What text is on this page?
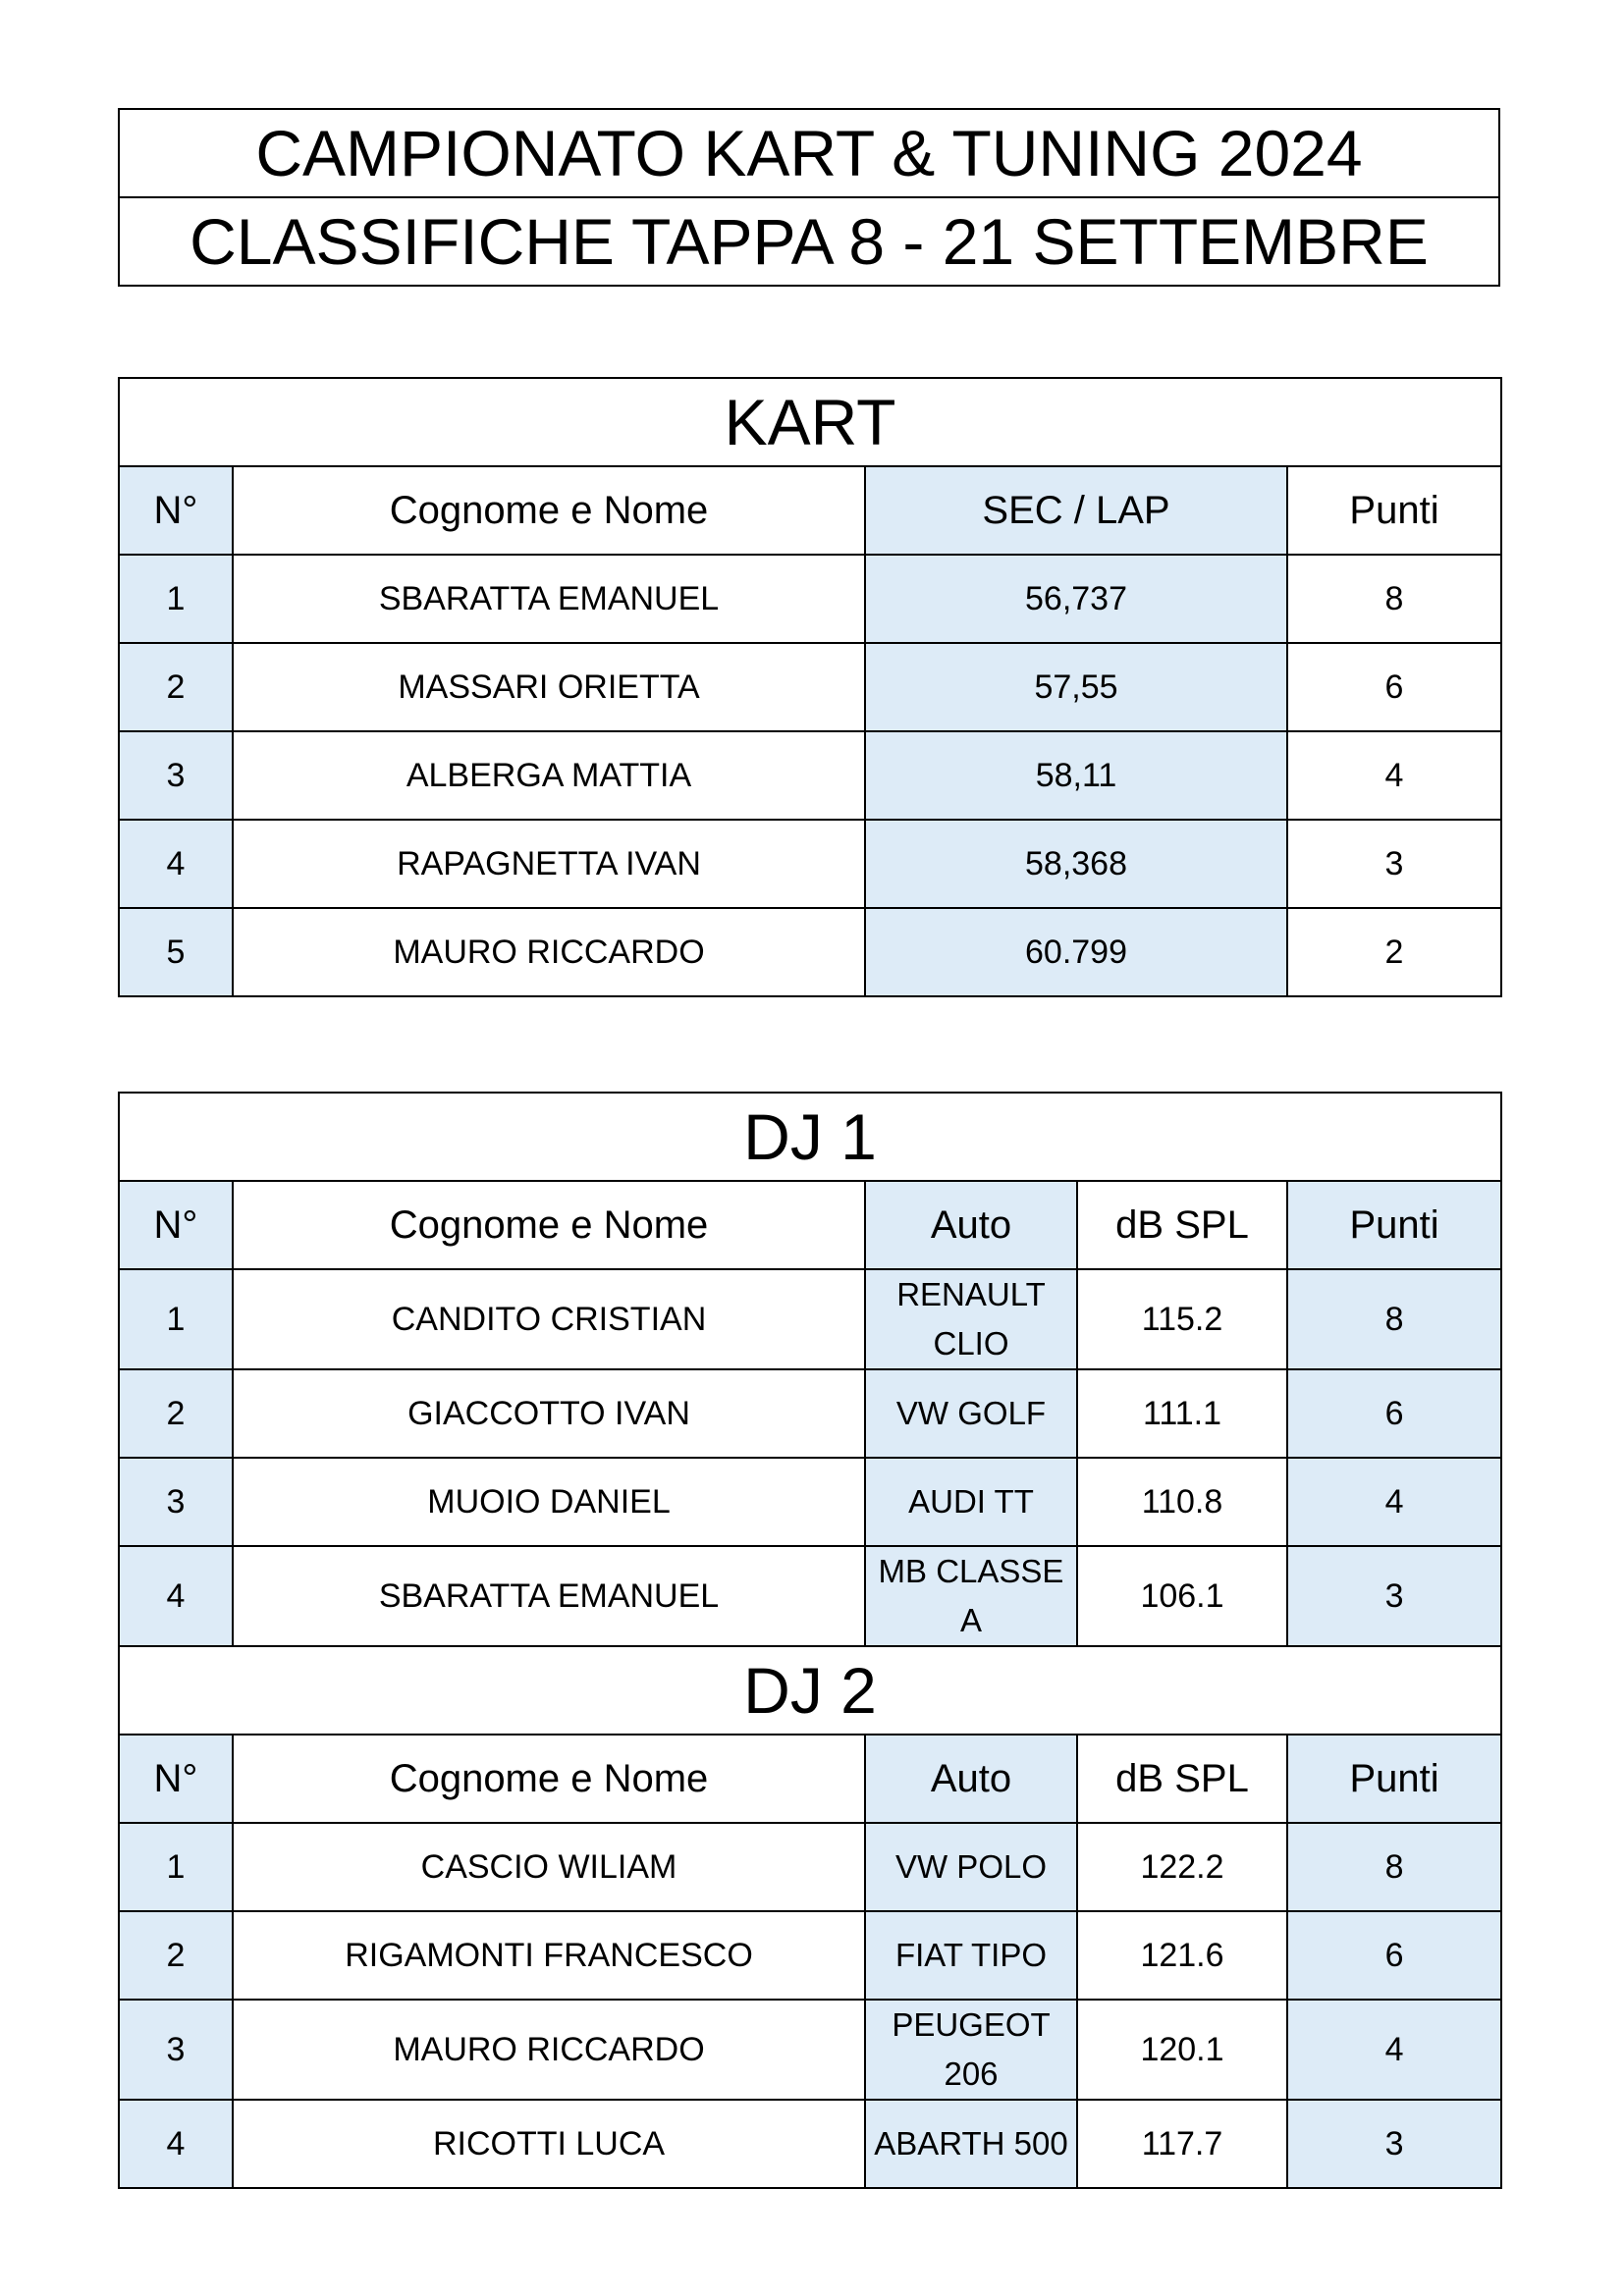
CAMPIONATO KART & TUNING 2024
CLASSIFICHE TAPPA 8 - 21 SETTEMBRE
KART			
N°	Cognome e Nome	SEC / LAP	Punti
1	SBARATTA EMANUEL	56,737	8
2	MASSARI ORIETTA	57,55	6
3	ALBERGA MATTIA	58,11	4
4	RAPAGNETTA IVAN	58,368	3
5	MAURO RICCARDO	60.799	2
DJ 1				
N°	Cognome e Nome	Auto	dB SPL	Punti
1	CANDITO CRISTIAN	RENAULT CLIO	115.2	8
2	GIACCOTTO IVAN	VW GOLF	111.1	6
3	MUOIO DANIEL	AUDI TT	110.8	4
4	SBARATTA EMANUEL	MB CLASSE A	106.1	3
DJ 2				
N°	Cognome e Nome	Auto	dB SPL	Punti
1	CASCIO WILIAM	VW POLO	122.2	8
2	RIGAMONTI FRANCESCO	FIAT TIPO	121.6	6
3	MAURO RICCARDO	PEUGEOT 206	120.1	4
4	RICOTTI LUCA	ABARTH 500	117.7	3
